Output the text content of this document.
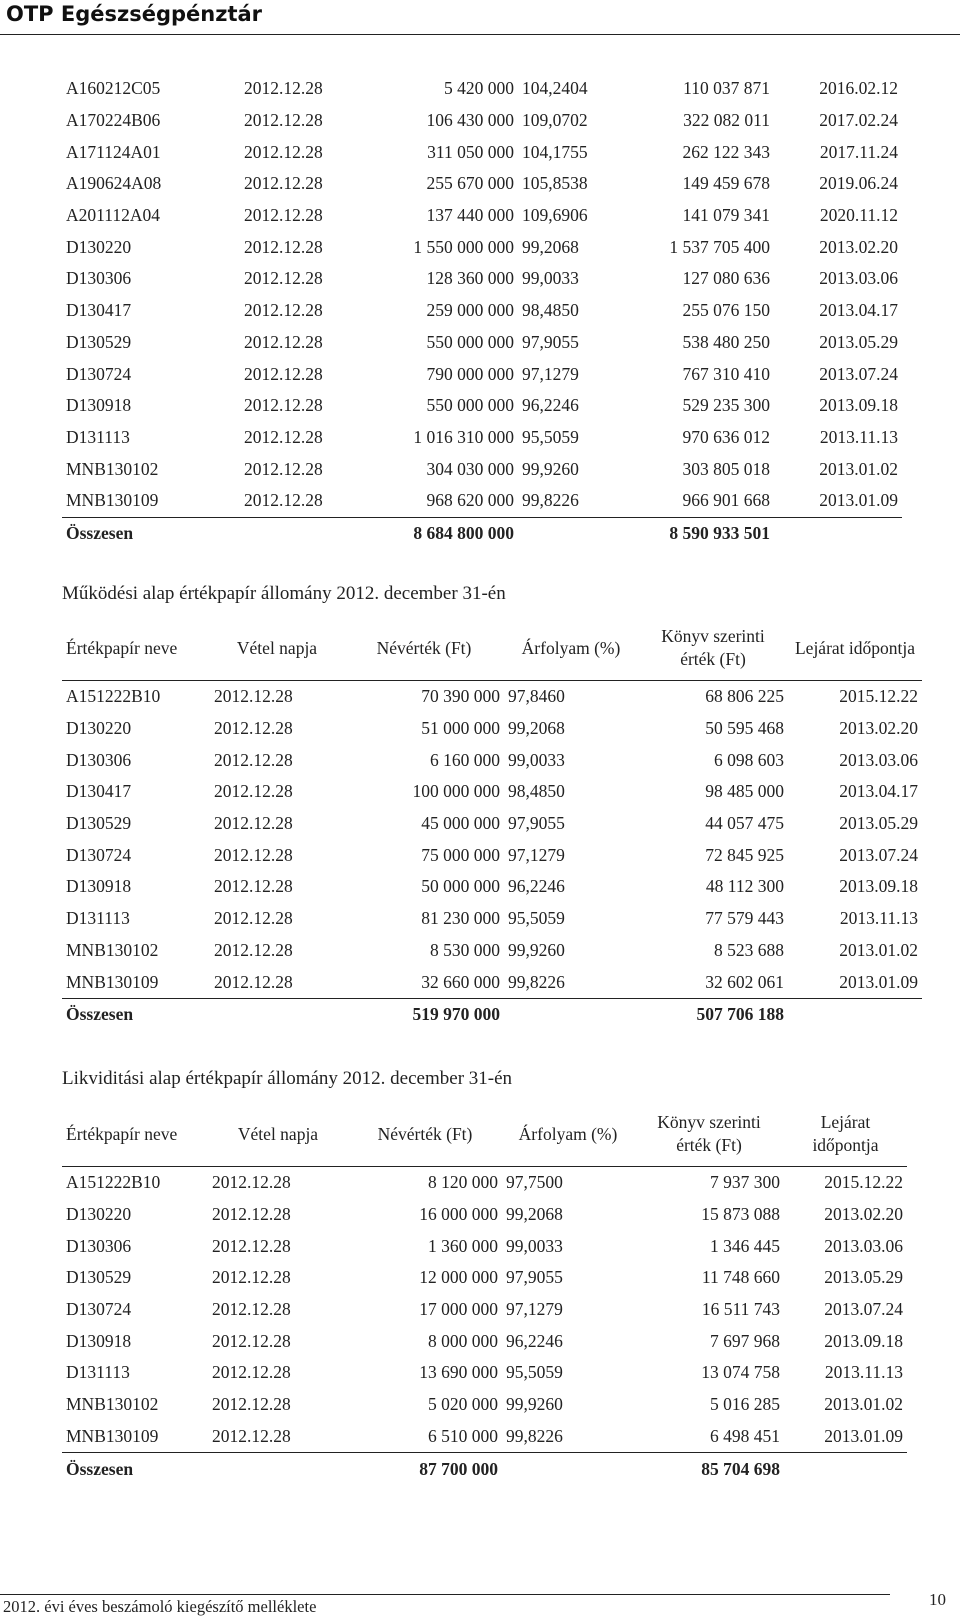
OTP Egészségpénztár
A160212C05	2012.12.28	5 420 000	104,2404	110 037 871	2016.02.12
A170224B06	2012.12.28	106 430 000	109,0702	322 082 011	2017.02.24
A171124A01	2012.12.28	311 050 000	104,1755	262 122 343	2017.11.24
A190624A08	2012.12.28	255 670 000	105,8538	149 459 678	2019.06.24
A201112A04	2012.12.28	137 440 000	109,6906	141 079 341	2020.11.12
D130220	2012.12.28	1 550 000 000	99,2068	1 537 705 400	2013.02.20
D130306	2012.12.28	128 360 000	99,0033	127 080 636	2013.03.06
D130417	2012.12.28	259 000 000	98,4850	255 076 150	2013.04.17
D130529	2012.12.28	550 000 000	97,9055	538 480 250	2013.05.29
D130724	2012.12.28	790 000 000	97,1279	767 310 410	2013.07.24
D130918	2012.12.28	550 000 000	96,2246	529 235 300	2013.09.18
D131113	2012.12.28	1 016 310 000	95,5059	970 636 012	2013.11.13
MNB130102	2012.12.28	304 030 000	99,9260	303 805 018	2013.01.02
MNB130109	2012.12.28	968 620 000	99,8226	966 901 668	2013.01.09
Összesen		8 684 800 000		8 590 933 501	
Működési alap értékpapír állomány 2012. december 31-én
Értékpapír neve	Vétel napja	Névérték (Ft)	Árfolyam (%)	Könyv szerinti érték (Ft)	Lejárat időpontja
A151222B10	2012.12.28	70 390 000	97,8460	68 806 225	2015.12.22
D130220	2012.12.28	51 000 000	99,2068	50 595 468	2013.02.20
D130306	2012.12.28	6 160 000	99,0033	6 098 603	2013.03.06
D130417	2012.12.28	100 000 000	98,4850	98 485 000	2013.04.17
D130529	2012.12.28	45 000 000	97,9055	44 057 475	2013.05.29
D130724	2012.12.28	75 000 000	97,1279	72 845 925	2013.07.24
D130918	2012.12.28	50 000 000	96,2246	48 112 300	2013.09.18
D131113	2012.12.28	81 230 000	95,5059	77 579 443	2013.11.13
MNB130102	2012.12.28	8 530 000	99,9260	8 523 688	2013.01.02
MNB130109	2012.12.28	32 660 000	99,8226	32 602 061	2013.01.09
Összesen		519 970 000		507 706 188	
Likviditási alap értékpapír állomány 2012. december 31-én
Értékpapír neve	Vétel napja	Névérték (Ft)	Árfolyam (%)	Könyv szerinti érték (Ft)	Lejárat időpontja
A151222B10	2012.12.28	8 120 000	97,7500	7 937 300	2015.12.22
D130220	2012.12.28	16 000 000	99,2068	15 873 088	2013.02.20
D130306	2012.12.28	1 360 000	99,0033	1 346 445	2013.03.06
D130529	2012.12.28	12 000 000	97,9055	11 748 660	2013.05.29
D130724	2012.12.28	17 000 000	97,1279	16 511 743	2013.07.24
D130918	2012.12.28	8 000 000	96,2246	7 697 968	2013.09.18
D131113	2012.12.28	13 690 000	95,5059	13 074 758	2013.11.13
MNB130102	2012.12.28	5 020 000	99,9260	5 016 285	2013.01.02
MNB130109	2012.12.28	6 510 000	99,8226	6 498 451	2013.01.09
Összesen		87 700 000		85 704 698	
2012. évi éves beszámoló kiegészítő melléklete	10
